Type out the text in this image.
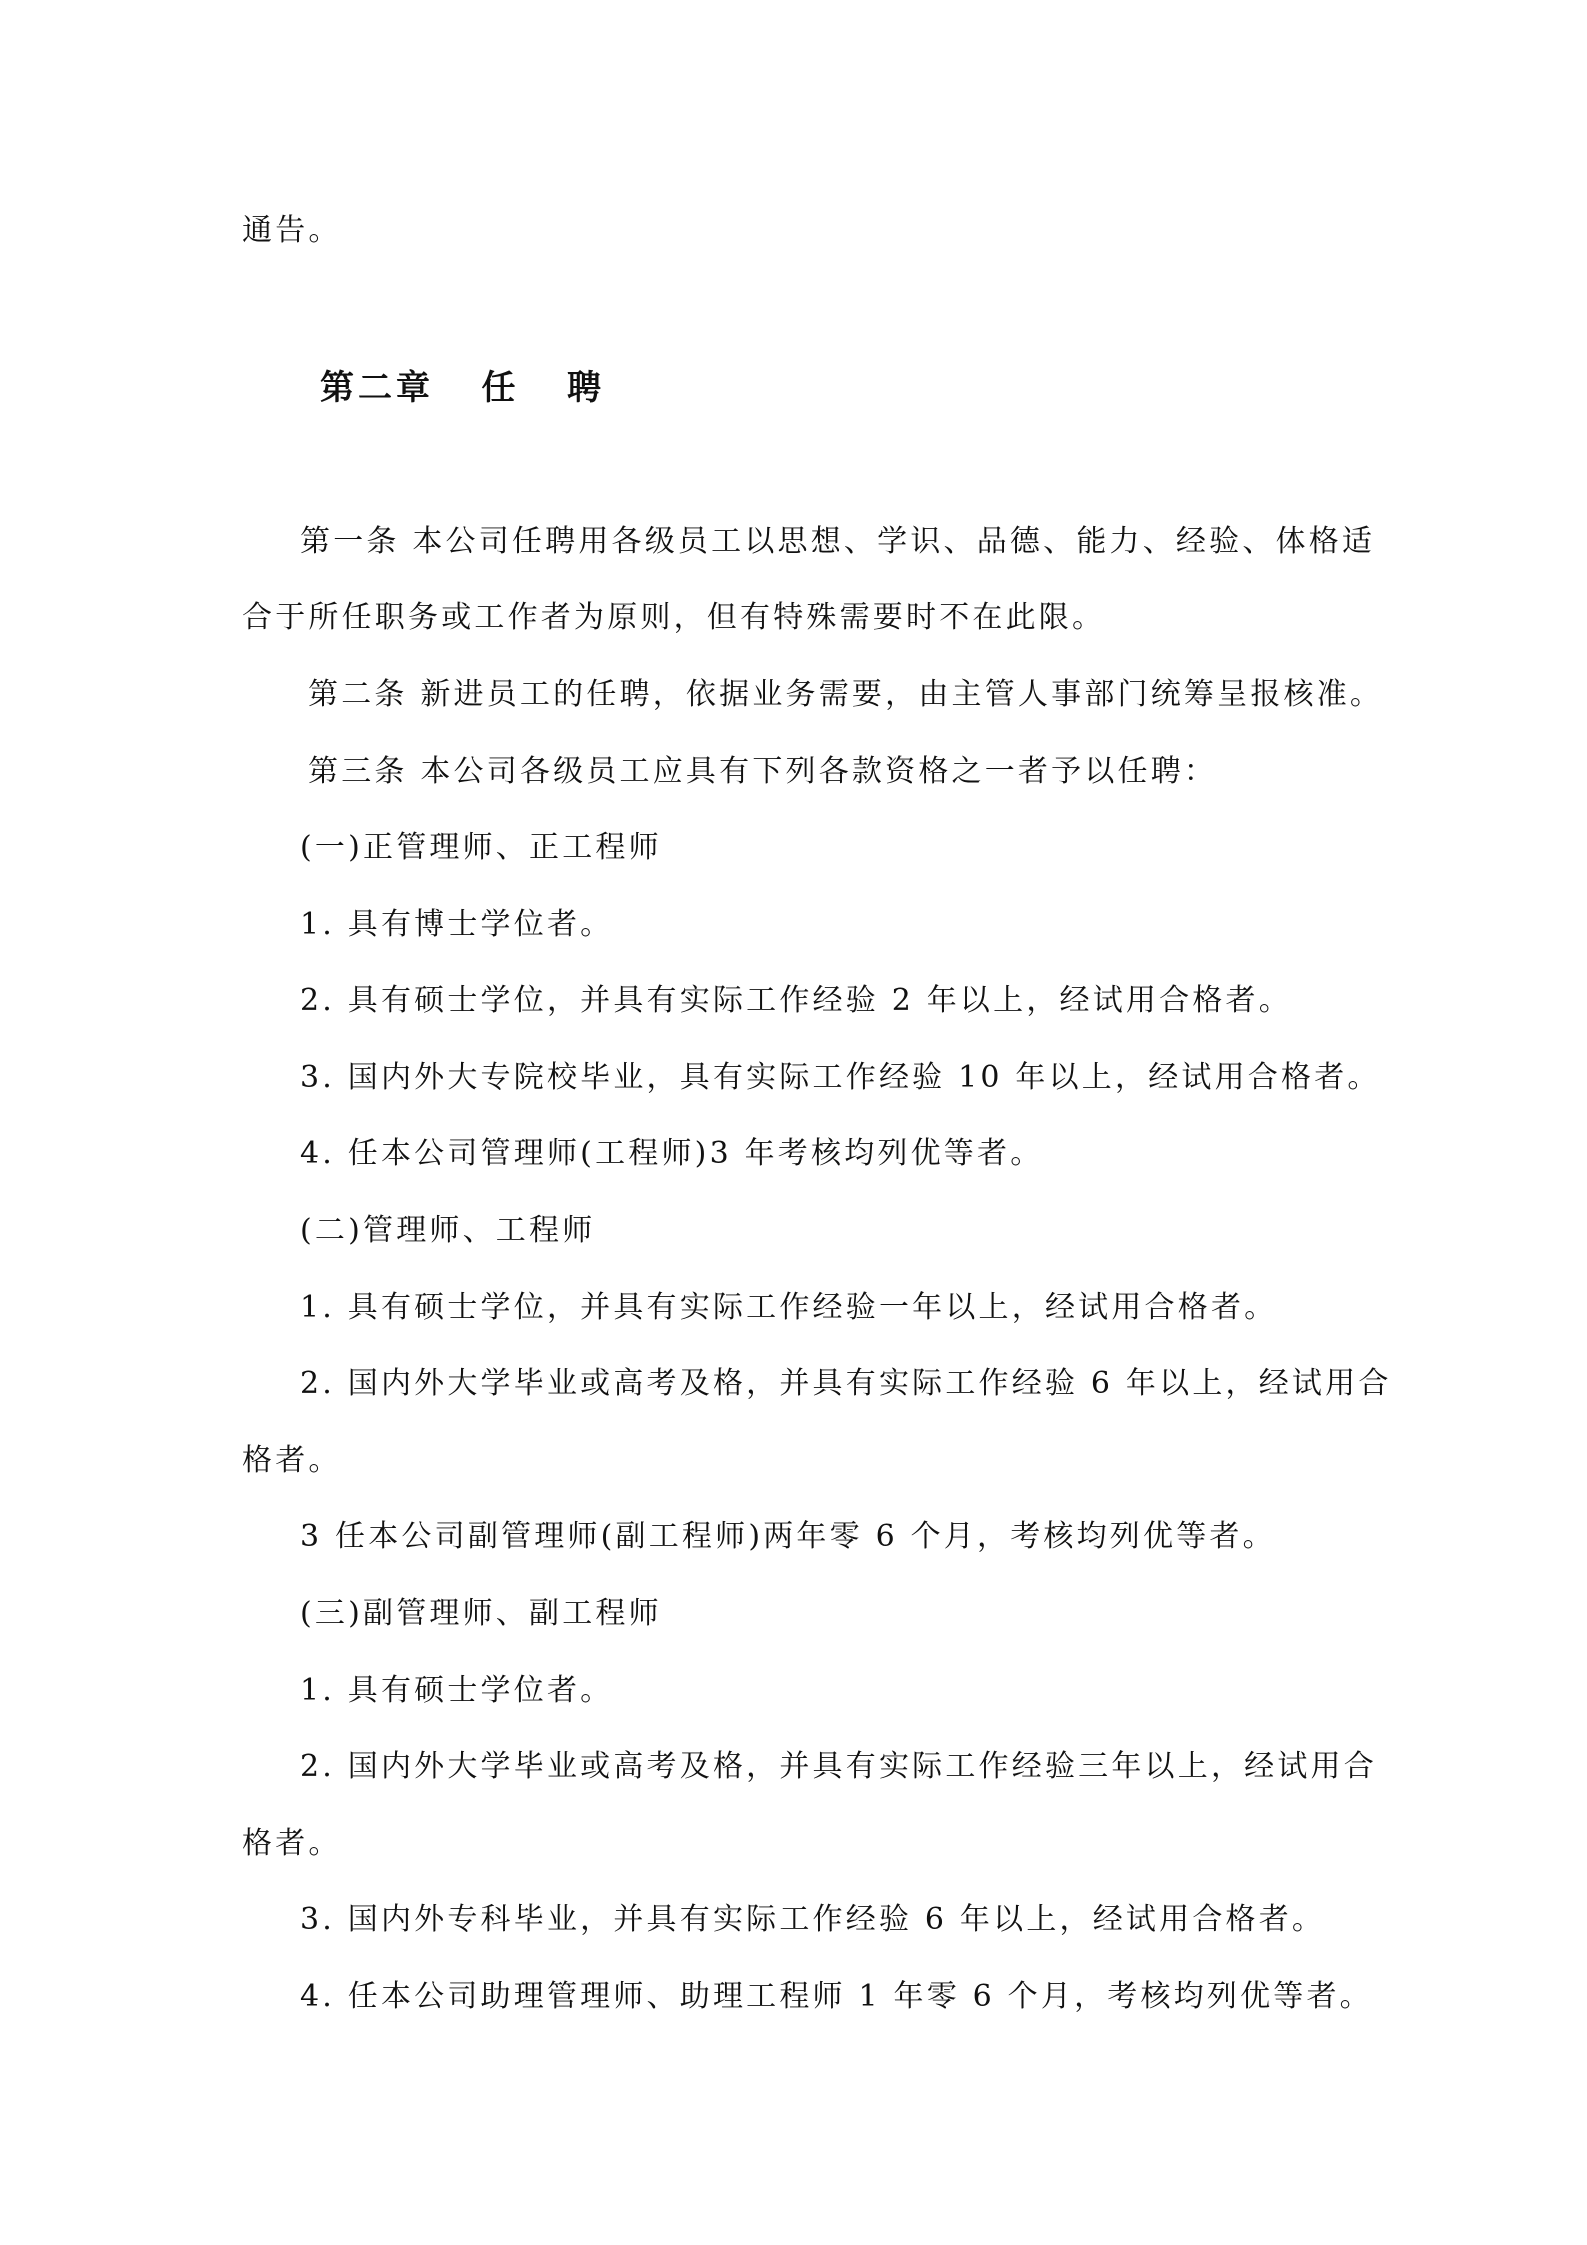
通告。
第二章   任   聘
第一条 本公司任聘用各级员工以思想、学识、品德、能力、经验、体格适
合于所任职务或工作者为原则，但有特殊需要时不在此限。
第二条 新进员工的任聘，依据业务需要，由主管人事部门统筹呈报核准。
第三条 本公司各级员工应具有下列各款资格之一者予以任聘：
(一)正管理师、正工程师
1. 具有博士学位者。
2. 具有硕士学位，并具有实际工作经验 2 年以上，经试用合格者。
3. 国内外大专院校毕业，具有实际工作经验 10 年以上，经试用合格者。
4. 任本公司管理师(工程师)3 年考核均列优等者。
(二)管理师、工程师
1. 具有硕士学位，并具有实际工作经验一年以上，经试用合格者。
2. 国内外大学毕业或高考及格，并具有实际工作经验 6 年以上，经试用合
格者。
3 任本公司副管理师(副工程师)两年零 6 个月，考核均列优等者。
(三)副管理师、副工程师
1. 具有硕士学位者。
2. 国内外大学毕业或高考及格，并具有实际工作经验三年以上，经试用合
格者。
3. 国内外专科毕业，并具有实际工作经验 6 年以上，经试用合格者。
4. 任本公司助理管理师、助理工程师 1 年零 6 个月，考核均列优等者。
